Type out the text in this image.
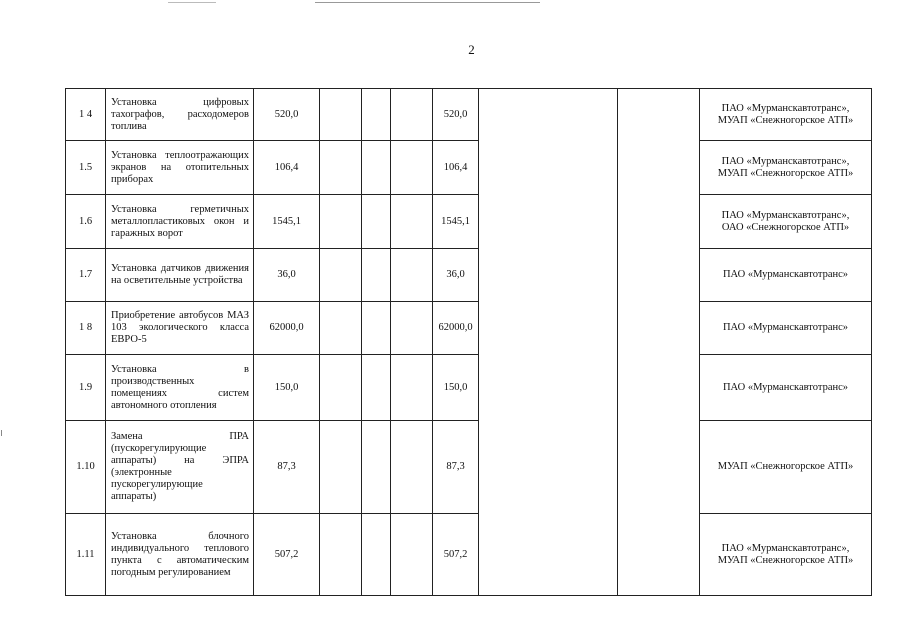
2
1 4	Установка цифровых тахографов, расходомеров топлива	520,0				520,0			ПАО «Мурманскавтотранс»,
МУАП «Снежногорское АТП»

1.5	Установка теплоотражающих экранов на отопительных приборах	106,4				106,4			ПАО «Мурманскавтотранс»,
МУАП «Снежногорское АТП»

1.6	Установка герметичных металлопластиковых окон и гаражных ворот	1545,1				1545,1			ПАО «Мурманскавтотранс»,
ОАО «Снежногорское АТП»

1.7	Установка датчиков движения на осветительные устройства	36,0				36,0			ПАО «Мурманскавтотранс»

1 8	Приобретение автобусов МАЗ 103 экологического класса ЕВРО-5	62000,0				62000,0			ПАО «Мурманскавтотранс»

1.9	Установка в производственных помещениях систем автономного отопления	150,0				150,0			ПАО «Мурманскавтотранс»

1.10	Замена ПРА (пускорегулирующие аппараты) на ЭПРА (электронные пускорегулирующие аппараты)	87,3				87,3			МУАП «Снежногорское АТП»

1.11	Установка блочного индивидуального теплового пункта с автоматическим погодным регулированием	507,2				507,2			ПАО «Мурманскавтотранс»,
МУАП «Снежногорское АТП»
